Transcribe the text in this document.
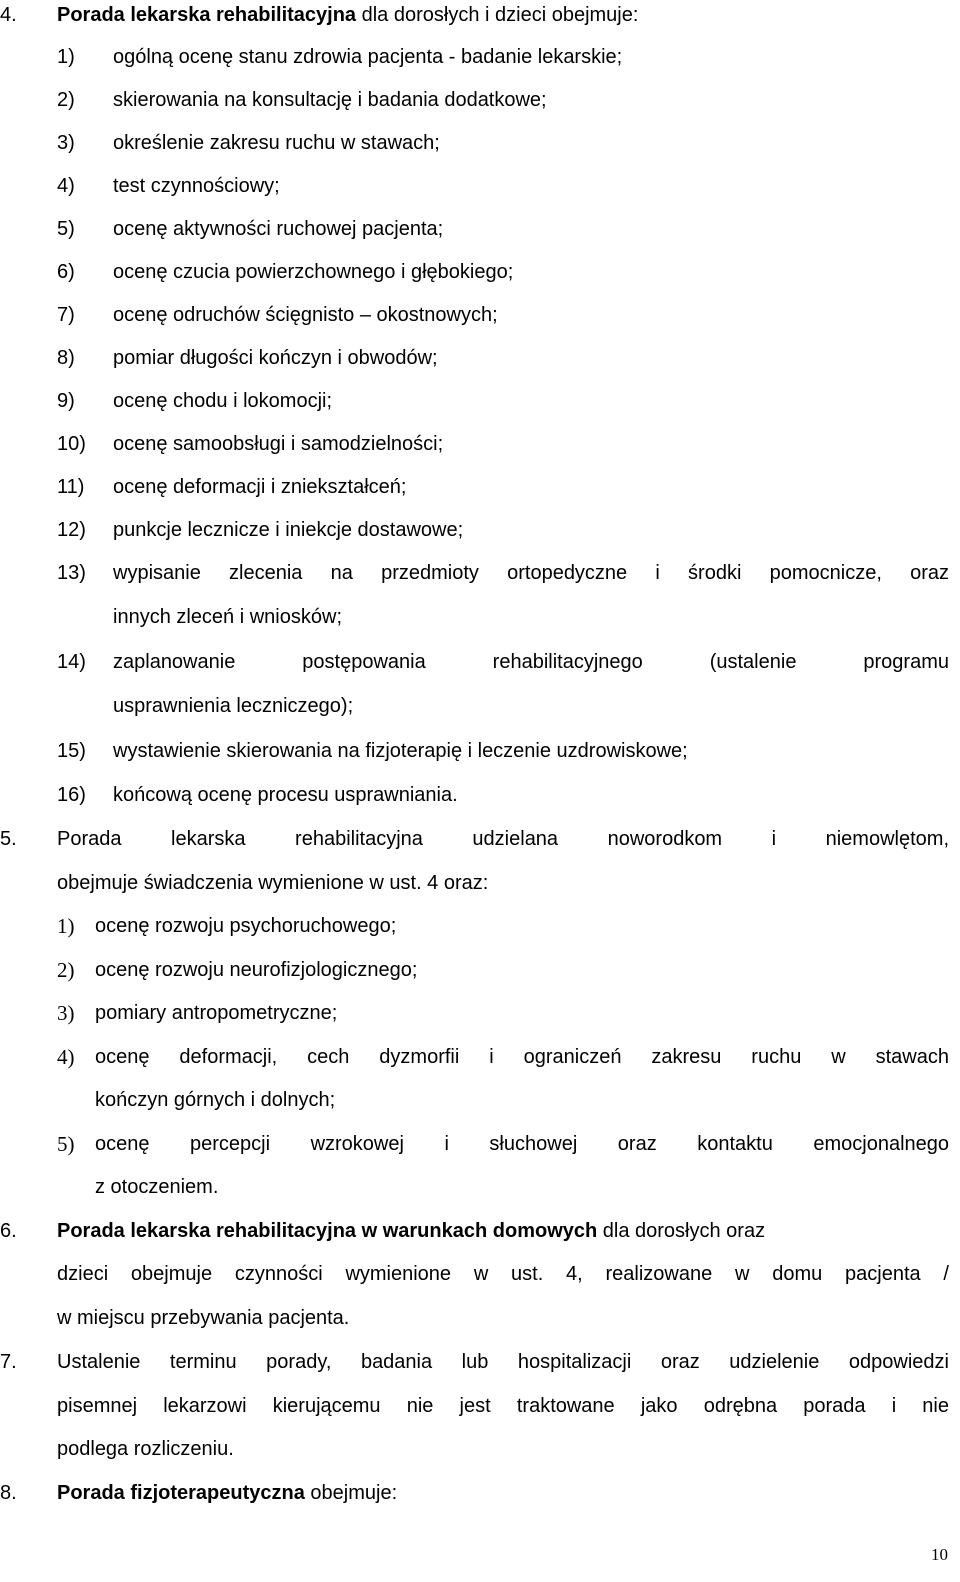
4. Porada lekarska rehabilitacyjna dla dorosłych i dzieci obejmuje:
1) ogólną ocenę stanu zdrowia pacjenta - badanie lekarskie;
2) skierowania na konsultację i badania dodatkowe;
3) określenie zakresu ruchu w stawach;
4) test czynnościowy;
5) ocenę aktywności ruchowej pacjenta;
6) ocenę czucia powierzchownego i głębokiego;
7) ocenę odruchów ścięgnisto – okostnowych;
8) pomiar długości kończyn i obwodów;
9) ocenę chodu i lokomocji;
10) ocenę samoobsługi i samodzielności;
11) ocenę deformacji i zniekształceń;
12) punkcje lecznicze i iniekcje dostawowe;
13) wypisanie zlecenia na przedmioty ortopedyczne i środki pomocnicze, oraz
innych zleceń i wniosków;
14) zaplanowanie postępowania rehabilitacyjnego (ustalenie programu
usprawnienia leczniczego);
15) wystawienie skierowania na fizjoterapię i leczenie uzdrowiskowe;
16) końcową ocenę procesu usprawniania.
5. Porada lekarska rehabilitacyjna udzielana noworodkom i niemowlętom,
obejmuje świadczenia wymienione w ust. 4 oraz:
1) ocenę rozwoju psychoruchowego;
2) ocenę rozwoju neurofizjologicznego;
3) pomiary antropometryczne;
4) ocenę deformacji, cech dyzmorfii i ograniczeń zakresu ruchu w stawach
kończyn górnych i dolnych;
5) ocenę percepcji wzrokowej i słuchowej oraz kontaktu emocjonalnego
z otoczeniem.
6. Porada lekarska rehabilitacyjna w warunkach domowych dla dorosłych oraz
dzieci obejmuje czynności wymienione w ust. 4, realizowane w domu pacjenta /
w miejscu przebywania pacjenta.
7. Ustalenie terminu porady, badania lub hospitalizacji oraz udzielenie odpowiedzi
pisemnej lekarzowi kierującemu nie jest traktowane jako odrębna porada i nie
podlega rozliczeniu.
8. Porada fizjoterapeutyczna obejmuje:
10
